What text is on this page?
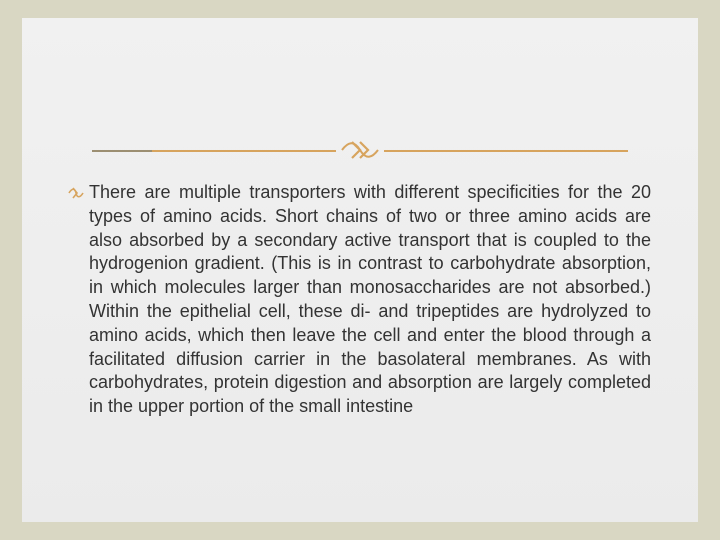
There are multiple transporters with different specificities for the 20 types of amino acids. Short chains of two or three amino acids are also absorbed by a secondary active transport that is coupled to the hydrogenion gradient. (This is in contrast to carbohydrate absorption, in which molecules larger than monosaccharides are not absorbed.) Within the epithelial cell, these di- and tripeptides are hydrolyzed to amino acids, which then leave the cell and enter the blood through a facilitated diffusion carrier in the basolateral membranes. As with carbohydrates, protein digestion and absorption are largely completed in the upper portion of the small intestine
